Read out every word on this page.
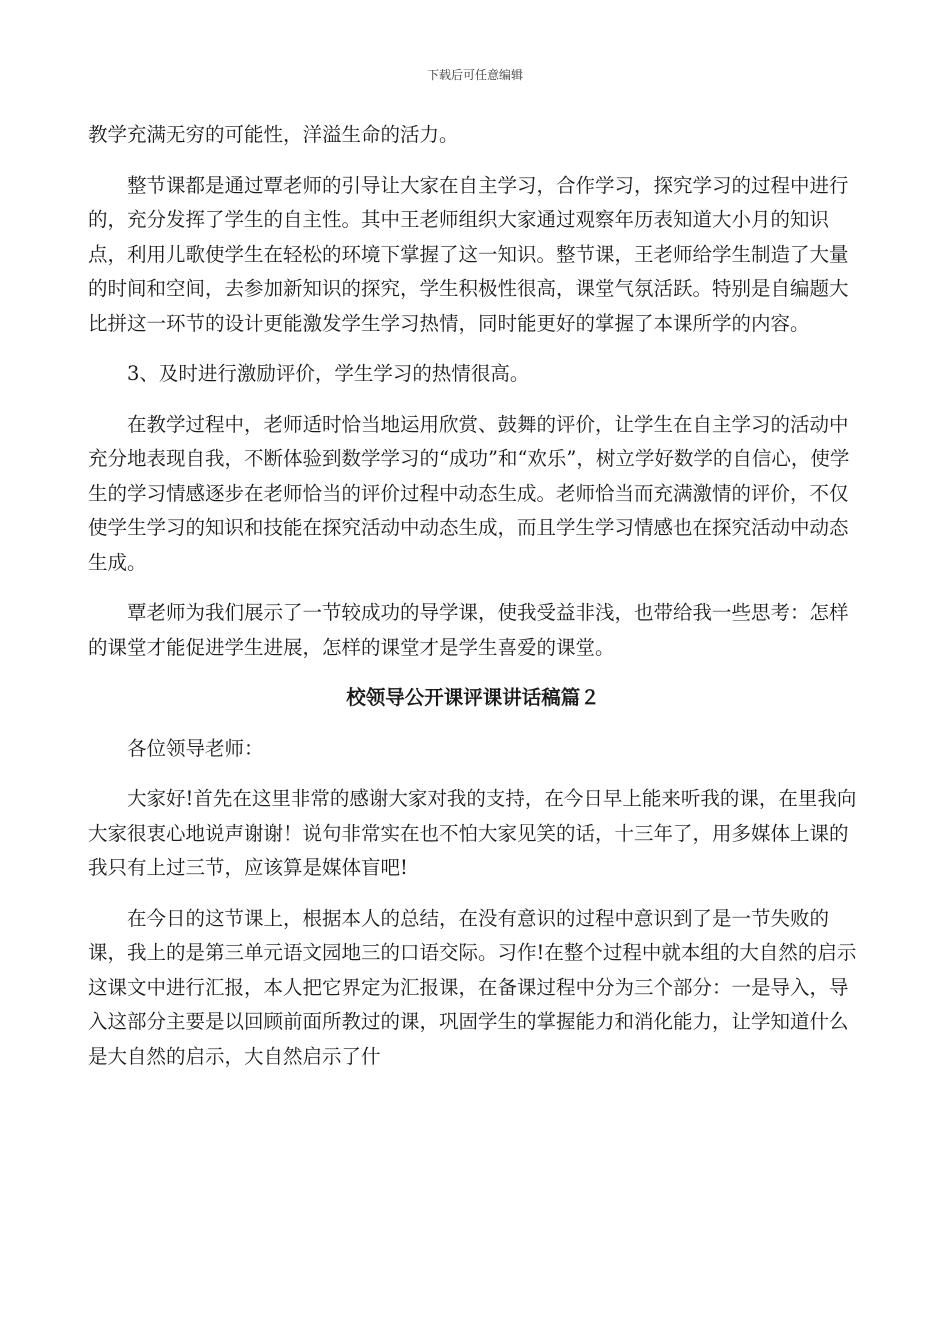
下载后可任意编辑

教学充满无穷的可能性，洋溢生命的活力。

整节课都是通过覃老师的引导让大家在自主学习，合作学习，探究学习的过程中进行的，充分发挥了学生的自主性。其中王老师组织大家通过观察年历表知道大小月的知识点，利用儿歌使学生在轻松的环境下掌握了这一知识。整节课，王老师给学生制造了大量的时间和空间，去参加新知识的探究，学生积极性很高，课堂气氛活跃。特别是自编题大比拼这一环节的设计更能激发学生学习热情，同时能更好的掌握了本课所学的内容。

3、及时进行激励评价，学生学习的热情很高。

在教学过程中，老师适时恰当地运用欣赏、鼓舞的评价，让学生在自主学习的活动中充分地表现自我，不断体验到数学学习的“成功”和“欢乐”，树立学好数学的自信心，使学生的学习情感逐步在老师恰当的评价过程中动态生成。老师恰当而充满激情的评价，不仅使学生学习的知识和技能在探究活动中动态生成，而且学生学习情感也在探究活动中动态生成。

覃老师为我们展示了一节较成功的导学课，使我受益非浅，也带给我一些思考：怎样的课堂才能促进学生进展，怎样的课堂才是学生喜爱的课堂。

校领导公开课评课讲话稿篇２

各位领导老师：

大家好!首先在这里非常的感谢大家对我的支持，在今日早上能来听我的课，在里我向大家很衷心地说声谢谢！说句非常实在也不怕大家见笑的话，十三年了，用多媒体上课的我只有上过三节，应该算是媒体盲吧!

在今日的这节课上，根据本人的总结，在没有意识的过程中意识到了是一节失败的课，我上的是第三单元语文园地三的口语交际。习作!在整个过程中就本组的大自然的启示这课文中进行汇报，本人把它界定为汇报课，在备课过程中分为三个部分：一是导入，导入这部分主要是以回顾前面所教过的课，巩固学生的掌握能力和消化能力，让学知道什么是大自然的启示，大自然启示了什
